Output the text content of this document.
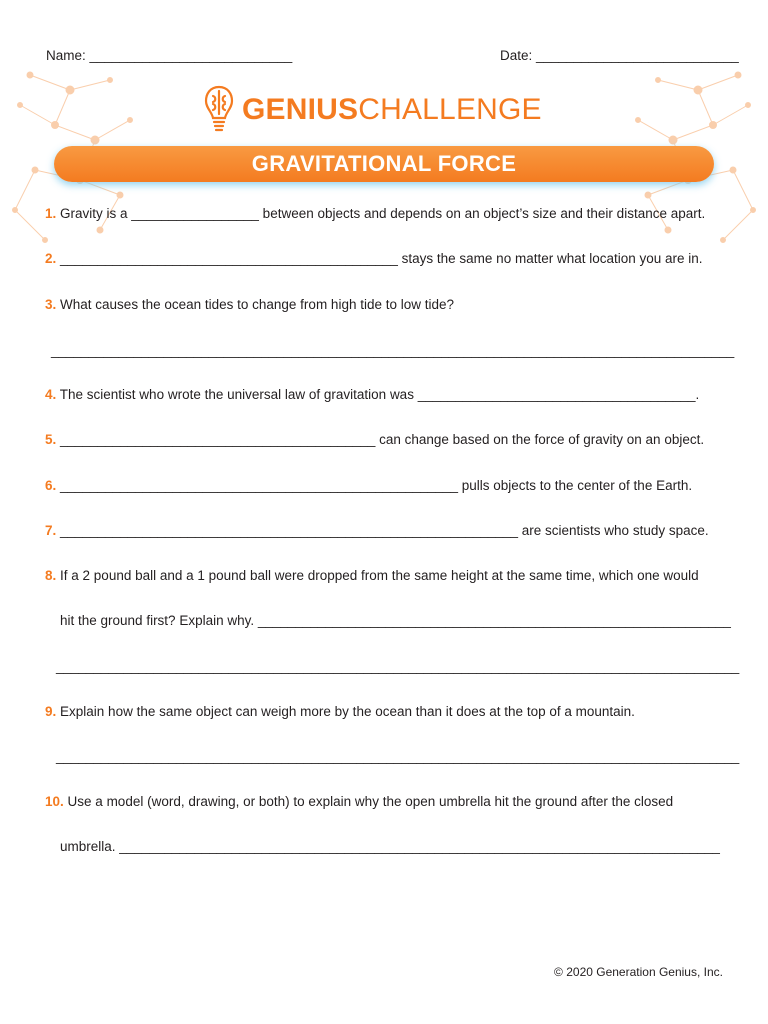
Name: ___________________________	Date: ___________________________
GENIUSCHALLENGE
GRAVITATIONAL FORCE
1. Gravity is a _________________ between objects and depends on an object’s size and their distance apart.
2. _____________________________________________ stays the same no matter what location you are in.
3. What causes the ocean tides to change from high tide to low tide?
___________________________________________________________________________________________
4. The scientist who wrote the universal law of gravitation was _____________________________________.
5. __________________________________________ can change based on the force of gravity on an object.
6. _____________________________________________________ pulls objects to the center of the Earth.
7. _____________________________________________________________ are scientists who study space.
8. If a 2 pound ball and a 1 pound ball were dropped from the same height at the same time, which one would
hit the ground first? Explain why. _______________________________________________________________
___________________________________________________________________________________________
9. Explain how the same object can weigh more by the ocean than it does at the top of a mountain.
___________________________________________________________________________________________
10. Use a model (word, drawing, or both) to explain why the open umbrella hit the ground after the closed
umbrella. ________________________________________________________________________________
© 2020 Generation Genius, Inc.
